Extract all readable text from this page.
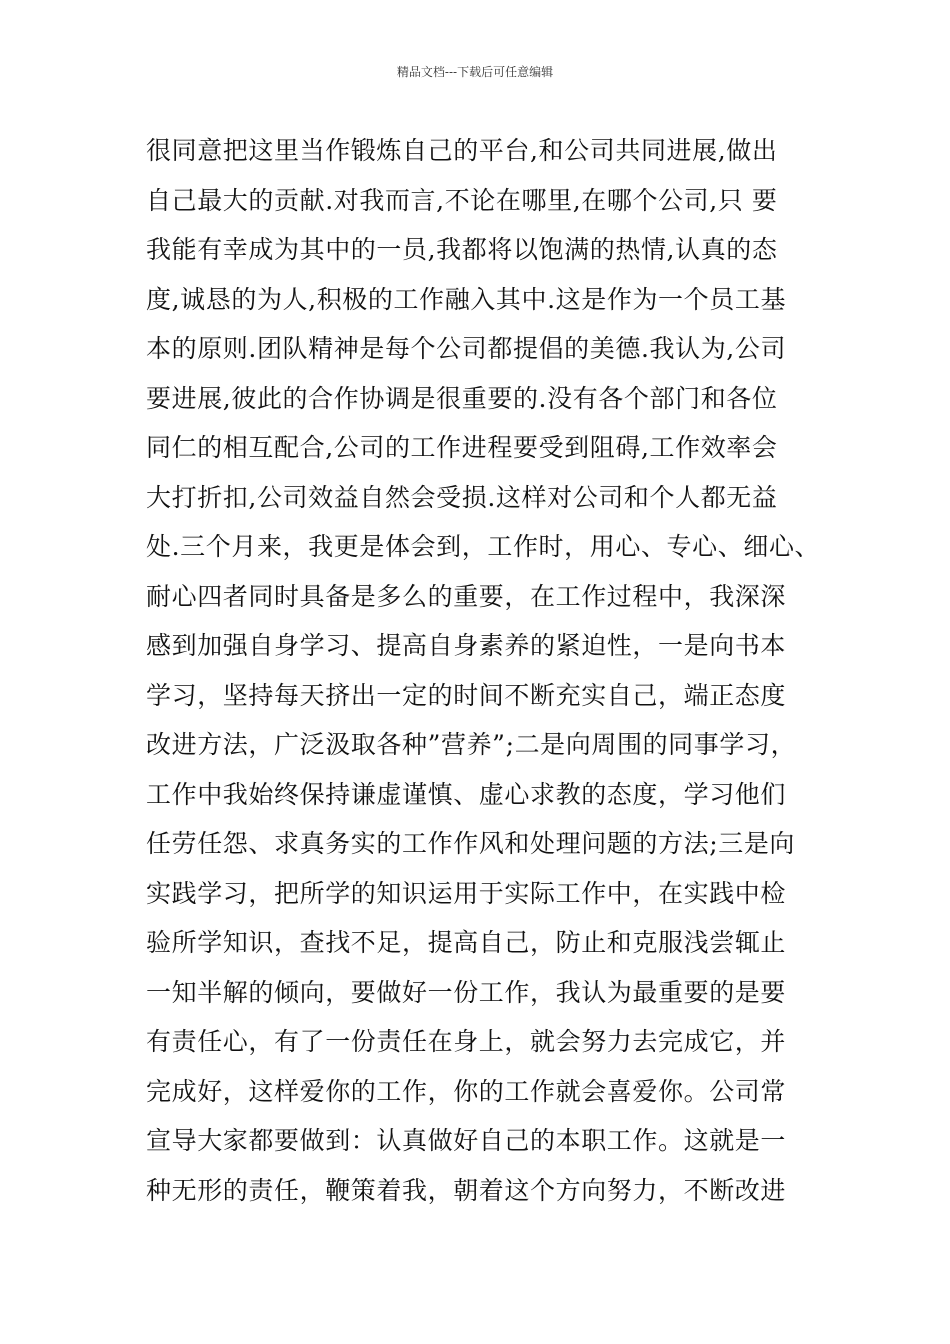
精品文档---下载后可任意编辑
很同意把这里当作锻炼自己的平台,和公司共同进展,做出
自己最大的贡献.对我而言,不论在哪里,在哪个公司,只 要
我能有幸成为其中的一员,我都将以饱满的热情,认真的态
度,诚恳的为人,积极的工作融入其中.这是作为一个员工基
本的原则.团队精神是每个公司都提倡的美德.我认为,公司
要进展,彼此的合作协调是很重要的.没有各个部门和各位
同仁的相互配合,公司的工作进程要受到阻碍,工作效率会
大打折扣,公司效益自然会受损.这样对公司和个人都无益
处.三个月来，我更是体会到，工作时，用心、专心、细心、
耐心四者同时具备是多么的重要，在工作过程中，我深深
感到加强自身学习、提高自身素养的紧迫性，一是向书本
学习，坚持每天挤出一定的时间不断充实自己，端正态度
改进方法，广泛汲取各种”营养”;二是向周围的同事学习，
工作中我始终保持谦虚谨慎、虚心求教的态度，学习他们
任劳任怨、求真务实的工作作风和处理问题的方法;三是向
实践学习，把所学的知识运用于实际工作中，在实践中检
验所学知识，查找不足，提高自己，防止和克服浅尝辄止
一知半解的倾向，要做好一份工作，我认为最重要的是要
有责任心，有了一份责任在身上，就会努力去完成它，并
完成好，这样爱你的工作，你的工作就会喜爱你。公司常
宣导大家都要做到：认真做好自己的本职工作。这就是一
种无形的责任，鞭策着我，朝着这个方向努力，不断改进
